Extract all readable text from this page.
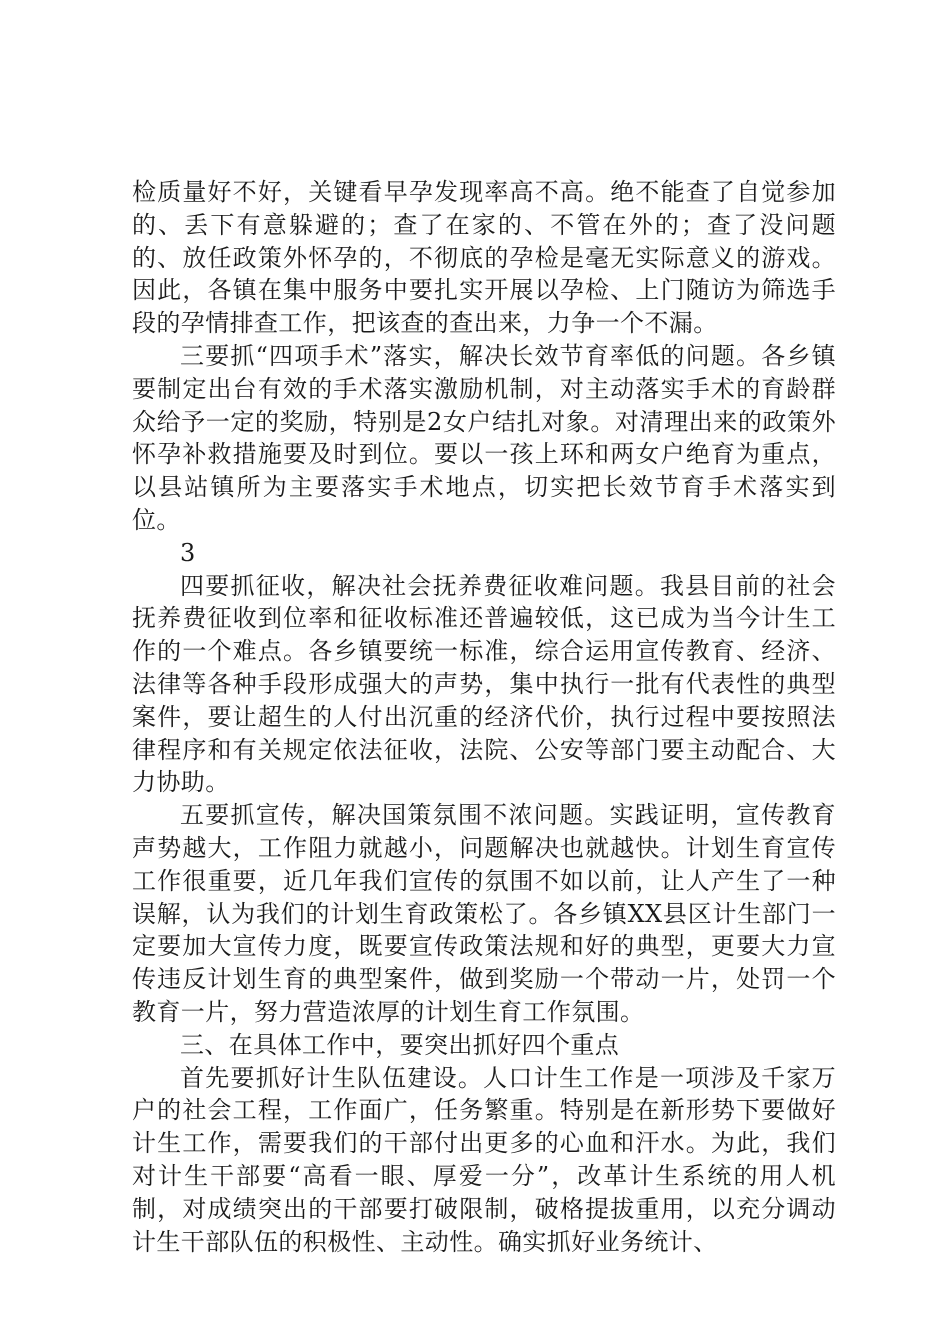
检质量好不好，关键看早孕发现率高不高。绝不能查了自觉参加的、丢下有意躲避的；查了在家的、不管在外的；查了没问题的、放任政策外怀孕的，不彻底的孕检是毫无实际意义的游戏。因此，各镇在集中服务中要扎实开展以孕检、上门随访为筛选手段的孕情排查工作，把该查的查出来，力争一个不漏。

三要抓“四项手术”落实，解决长效节育率低的问题。各乡镇要制定出台有效的手术落实激励机制，对主动落实手术的育龄群众给予一定的奖励，特别是2女户结扎对象。对清理出来的政策外怀孕补救措施要及时到位。要以一孩上环和两女户绝育为重点，以县站镇所为主要落实手术地点，切实把长效节育手术落实到位。

3

四要抓征收，解决社会抚养费征收难问题。我县目前的社会抚养费征收到位率和征收标准还普遍较低，这已成为当今计生工作的一个难点。各乡镇要统一标准，综合运用宣传教育、经济、法律等各种手段形成强大的声势，集中执行一批有代表性的典型案件，要让超生的人付出沉重的经济代价，执行过程中要按照法律程序和有关规定依法征收，法院、公安等部门要主动配合、大力协助。

五要抓宣传，解决国策氛围不浓问题。实践证明，宣传教育声势越大，工作阻力就越小，问题解决也就越快。计划生育宣传工作很重要，近几年我们宣传的氛围不如以前，让人产生了一种误解，认为我们的计划生育政策松了。各乡镇XX县区计生部门一定要加大宣传力度，既要宣传政策法规和好的典型，更要大力宣传违反计划生育的典型案件，做到奖励一个带动一片，处罚一个教育一片，努力营造浓厚的计划生育工作氛围。

三、在具体工作中，要突出抓好四个重点

首先要抓好计生队伍建设。人口计生工作是一项涉及千家万户的社会工程，工作面广，任务繁重。特别是在新形势下要做好计生工作，需要我们的干部付出更多的心血和汗水。为此，我们对计生干部要“高看一眼、厚爱一分”，改革计生系统的用人机制，对成绩突出的干部要打破限制，破格提拔重用，以充分调动计生干部队伍的积极性、主动性。确实抓好业务统计、
